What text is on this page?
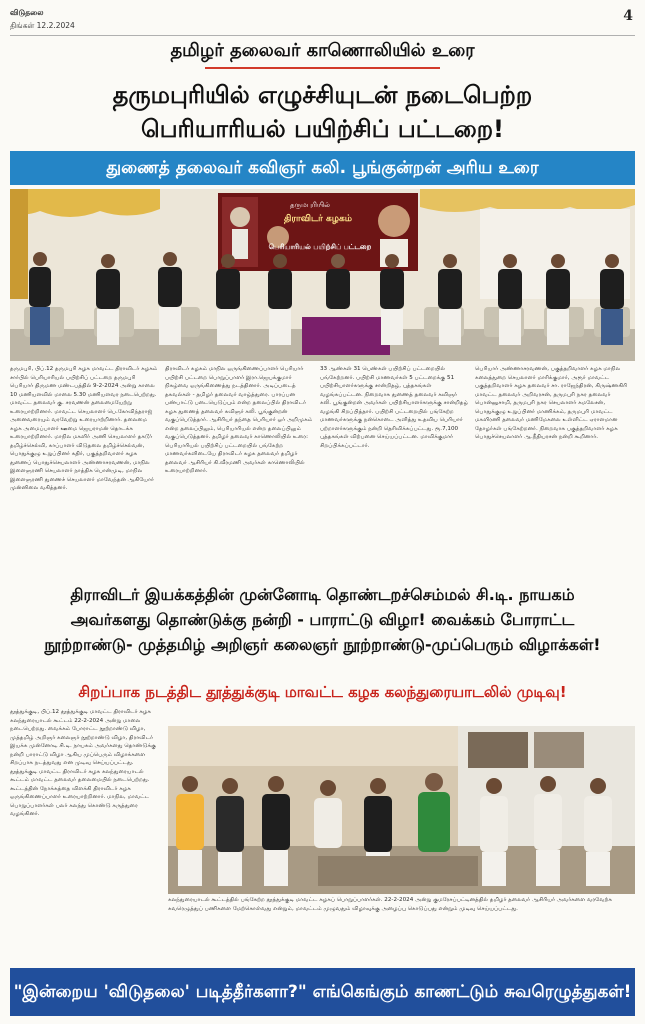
விடுதலை
திங்கள் 12.2.2024
4
தமிழர் தலைவர் காணொலியில் உரை
தருமபுரியில் எழுச்சியுடன் நடைபெற்ற
பெரியாரியல் பயிற்சிப் பட்டறை!
துணைத் தலைவர் கவிஞர் கலி. பூங்குன்றன் அரிய உரை
தருமபுரியில்
திராவிடர் கழகம்
பெரியாரியல் பயிற்சிப் பட்டறை

தருமபுரி, பிப்.12 தருமபுரி கழக மாவட்ட திராவிடர் கழகம் சார்பில் பெரியாரியல் பயிற்சிப் பட்டறை தருமபுரி பெரியார் திருமண மண்டபத்தில் 9-2-2024 அன்று காலை 10 மணியளவில் மாலை 5.30 மணியளவர நடைபெற்றது. மாவட்ட தலைவர் கு. சரவணன் தலைமையேற்று உரையாற்றினார். மாவட்ட செயலாளர் பெ.கோவிந்தராஜ் அனைவரையும் வரவேற்று உரையாற்றினார். தலைமை கழக அமைப்பாளர் ஊமை ஜெயராமன் தொடக்க உரையாற்றினார். மாநில மகளிர் அணி செயலாளர் தகடூர் தமிழ்ச்செல்வி, காப்பாளர் விடுதலை தமிழ்ச்செல்வன், பொதுக்குழு உறுப்பினர் கதிர், பகுத்தறிவாளர் கழக துணைப் பொதுச்செயலாளர் அண்ணாசரவணன், மாநில இளைஞரணி செயலாளர் நாத்திக பொன்முடி, மாநில இளைஞரணி துணைச் செயலாளர் மாவேந்தன் ஆகியோர் முன்னிலை வகித்தனர்.

திராவிடர் கழகம் மாநில ஒருங்கிணைப்பாளர் பெரியார் பயிற்சி பட்டறை பொறுப்பாளர் இரா.ஜெயக்குமார் நிகழ்வை ஒருங்கிணைத்து நடத்தினார். அடிப்படைத் தகவல்கள் - தமிழர் தலைவர் வாழ்த்துரை. பாரப்பன பண்பாட்டு படையெடுப்பும் என்ற தலைப்பில் திராவிடர் கழக துணைத் தலைவர் கவிஞர் கலி. பூங்குன்றன் வகுப்பெடுத்தார். ஆசிரியர் தந்தை பெரியார் ஓர் அறிமுகம் என்ற தலைப்பிலும், பெரியாரியல் என்ற தலைப்பிலும் வகுப்பெடுத்தனர். தமிழர் தலைவர் காணொலியில் உரை: பெரியாரியல் பயிற்சிப் பட்டறையில் பங்கேற்ற மாணவர்களிடையே திராவிடர் கழக தலைவர் தமிழர் தலைவர் ஆசிரியர் கி.வீரமணி அவர்கள் காணொலியில் உரையாற்றினார்.

33 ஆண்கள் 31 பெண்கள் பயிற்சிப் பட்டறையில் பங்கேற்றனர். பயிற்சி மாணவர்கள் 5 பட்டறைக்கு 51 பயிற்சியாளர்களுக்கு சான்றிதழ், புத்தகங்கள் வழங்கப்பட்டன. நிறைவாக துணைத் தலைவர் கவிஞர் கலி. பூங்குன்றன் அவர்கள் பயிற்சியாளர்களுக்கு சான்றிதழ் வழங்கி சிறப்பித்தார். பயிற்சி பட்டறையில் பங்கேற்ற மாணவர்களுக்கு நன்கொடை அளித்து உதவிய பெரியார் பற்றாளர்களுக்கும் நன்றி தெரிவிக்கப்பட்டது. ரூ.7,100 புத்தகங்கள் விற்பனை செய்யப்பட்டன. மாவிக்குமார் சிறப்பிக்கப்பட்டார்.

பெரியார் அண்ணாசரவணன், பகுத்தறிவாளர் கழக மாநில கலைத்துறை செயலாளர் மாரிக்குமார், அரூர் மாவட்ட பகுத்தறிவாளர் கழக தலைவர் சா. ராஜேந்திரன், கிருஷ்ணகிரி மாவட்ட தலைவர் அறிவரசன், தருமபுரி நகர தலைவர் பொன்னுசாமி, தருமபுரி நகர செயலாளர் கமலேசன், பொதுக்குழு உறுப்பினர் மாணிக்கம், தருமபுரி மாவட்ட மகளிரணி தலைவர் மணிமேகலை உள்ளிட்ட ஏராளமான தோழர்கள் பங்கேற்றனர். நிறைவாக பகுத்தறிவாளர் கழக பொதுச்செயலாளர் ஆ.நீதியரசன் நன்றி கூறினார்.

திராவிடர் இயக்கத்தின் முன்னோடி தொண்டறச்செம்மல் சி.டி. நாயகம்
அவர்களது தொண்டுக்கு நன்றி - பாராட்டு விழா! வைக்கம் போராட்ட
நூற்றாண்டு- முத்தமிழ் அறிஞர் கலைஞர் நூற்றாண்டு-முப்பெரும் விழாக்கள்!
சிறப்பாக நடத்திட தூத்துக்குடி மாவட்ட கழக கலந்துரையாடலில் முடிவு!

தூத்துக்குடி, பிப்.12 தூத்துக்குடி மாவட்ட திராவிடர் கழக கலந்துரையாடல் கூட்டம் 22-2-2024 அன்று மாலை நடைபெற்றது. வைக்கம் போராட்ட நூற்றாண்டு விழா, முத்தமிழ் அறிஞர் கலைஞர் நூற்றாண்டு விழா, திராவிடர் இயக்க முன்னோடி சி.டி. நாயகம் அவர்களது தொண்டுக்கு நன்றி பாராட்டு விழா ஆகிய முப்பெரும் விழாக்களை சிறப்பாக நடத்துவது என முடிவு செய்யப்பட்டது. தூத்துக்குடி மாவட்ட திராவிடர் கழக கலந்துரையாடல் கூட்டம் மாவட்ட தலைவர் தலைமையில் நடைபெற்றது. கூட்டத்தின் நோக்கத்தை விளக்கி திராவிடர் கழக ஒருங்கிணைப்பாளர் உரையாற்றினார். மாநில, மாவட்ட பொறுப்பாளர்கள் பலர் கலந்து கொண்டு கருத்துரை வழங்கினர்.

கலந்துரையாடல் கூட்டத்தில் பங்கேற்ற தூத்துக்குடி மாவட்ட கழகப் பொறுப்பாளர்கள். 22-2-2024 அன்று குமரேசப்பட்டினத்தில் தமிழர் தலைவர் ஆசிரியர் அவர்களை வரவேற்க சுவரெழுத்துப் பணிகளை மேற்கொள்வது என்றும், மாவட்டம் முழுவதும் விழாவுக்கு அழைப்பு கொடுப்பது என்றும் முடிவு செய்யப்பட்டது.

"இன்றைய 'விடுதலை' படித்தீர்களா?" எங்கெங்கும் காணட்டும் சுவரெழுத்துகள்!
